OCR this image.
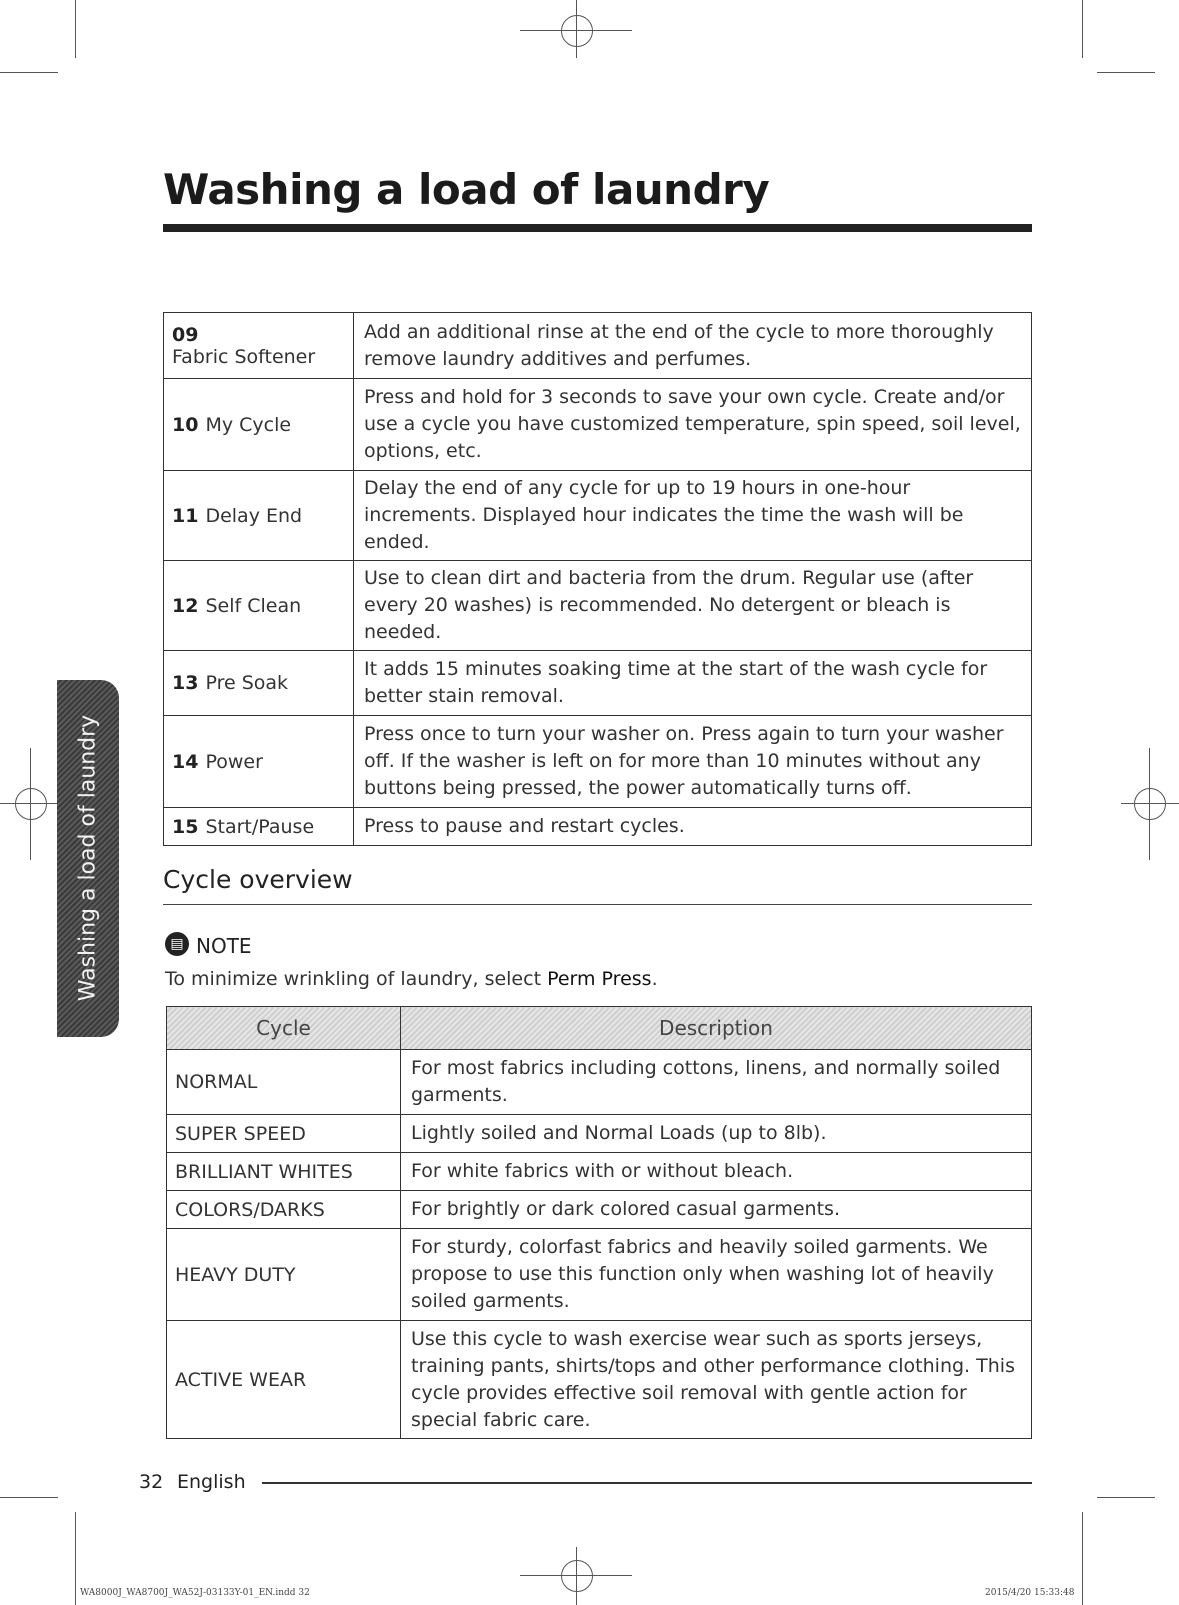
Washing a load of laundry
Washing a load of laundry
09Fabric Softener	Add an additional rinse at the end of the cycle to more thoroughly remove laundry additives and perfumes.
10 My Cycle	Press and hold for 3 seconds to save your own cycle. Create and/or use a cycle you have customized temperature, spin speed, soil level, options, etc.
11 Delay End	Delay the end of any cycle for up to 19 hours in one-hour increments. Displayed hour indicates the time the wash will be ended.
12 Self Clean	Use to clean dirt and bacteria from the drum. Regular use (after every 20 washes) is recommended. No detergent or bleach is needed.
13 Pre Soak	It adds 15 minutes soaking time at the start of the wash cycle for better stain removal.
14 Power	Press once to turn your washer on. Press again to turn your washer off. If the washer is left on for more than 10 minutes without any buttons being pressed, the power automatically turns off.
15 Start/Pause	Press to pause and restart cycles.
Cycle overview
▤ NOTE
To minimize wrinkling of laundry, select Perm Press.
Cycle	Description
NORMAL	For most fabrics including cottons, linens, and normally soiled garments.
SUPER SPEED	Lightly soiled and Normal Loads (up to 8lb).
BRILLIANT WHITES	For white fabrics with or without bleach.
COLORS/DARKS	For brightly or dark colored casual garments.
HEAVY DUTY	For sturdy, colorfast fabrics and heavily soiled garments. We propose to use this function only when washing lot of heavily soiled garments.
ACTIVE WEAR	Use this cycle to wash exercise wear such as sports jerseys, training pants, shirts/tops and other performance clothing. This cycle provides effective soil removal with gentle action for special fabric care.
32 English
WA8000J_WA8700J_WA52J-03133Y-01_EN.indd 32	2015/4/20 15:33:48
